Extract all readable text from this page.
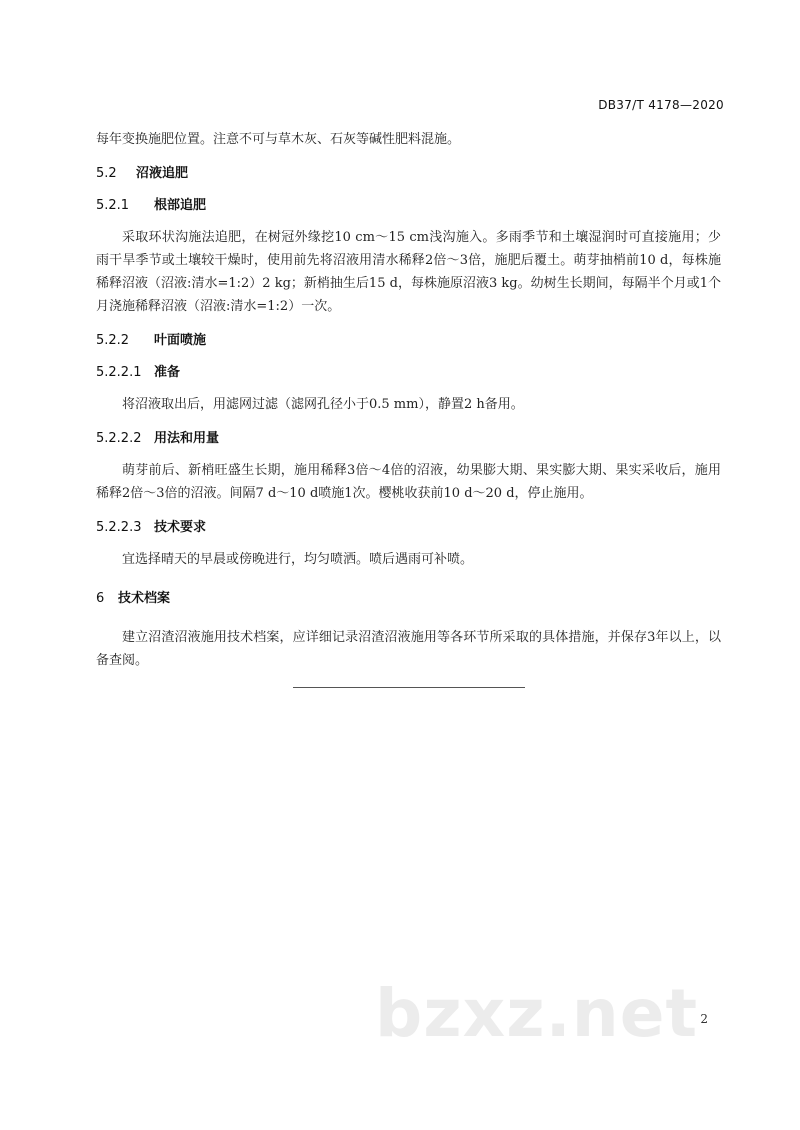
DB37/T 4178—2020

每年变换施肥位置。注意不可与草木灰、石灰等碱性肥料混施。

5.2 沼液追肥

5.2.1 根部追肥

采取环状沟施法追肥，在树冠外缘挖10 cm～15 cm浅沟施入。多雨季节和土壤湿润时可直接施用；少雨干旱季节或土壤较干燥时，使用前先将沼液用清水稀释2倍～3倍，施肥后覆土。萌芽抽梢前10 d，每株施稀释沼液（沼液:清水=1:2）2 kg；新梢抽生后15 d，每株施原沼液3 kg。幼树生长期间，每隔半个月或1个月浇施稀释沼液（沼液:清水=1:2）一次。

5.2.2 叶面喷施

5.2.2.1 准备

将沼液取出后，用滤网过滤（滤网孔径小于0.5 mm），静置2 h备用。

5.2.2.2 用法和用量

萌芽前后、新梢旺盛生长期，施用稀释3倍～4倍的沼液，幼果膨大期、果实膨大期、果实采收后，施用稀释2倍～3倍的沼液。间隔7 d～10 d喷施1次。樱桃收获前10 d～20 d，停止施用。

5.2.2.3 技术要求

宜选择晴天的早晨或傍晚进行，均匀喷洒。喷后遇雨可补喷。

6 技术档案

建立沼渣沼液施用技术档案，应详细记录沼渣沼液施用等各环节所采取的具体措施，并保存3年以上，以备查阅。

bzxz.net 2
